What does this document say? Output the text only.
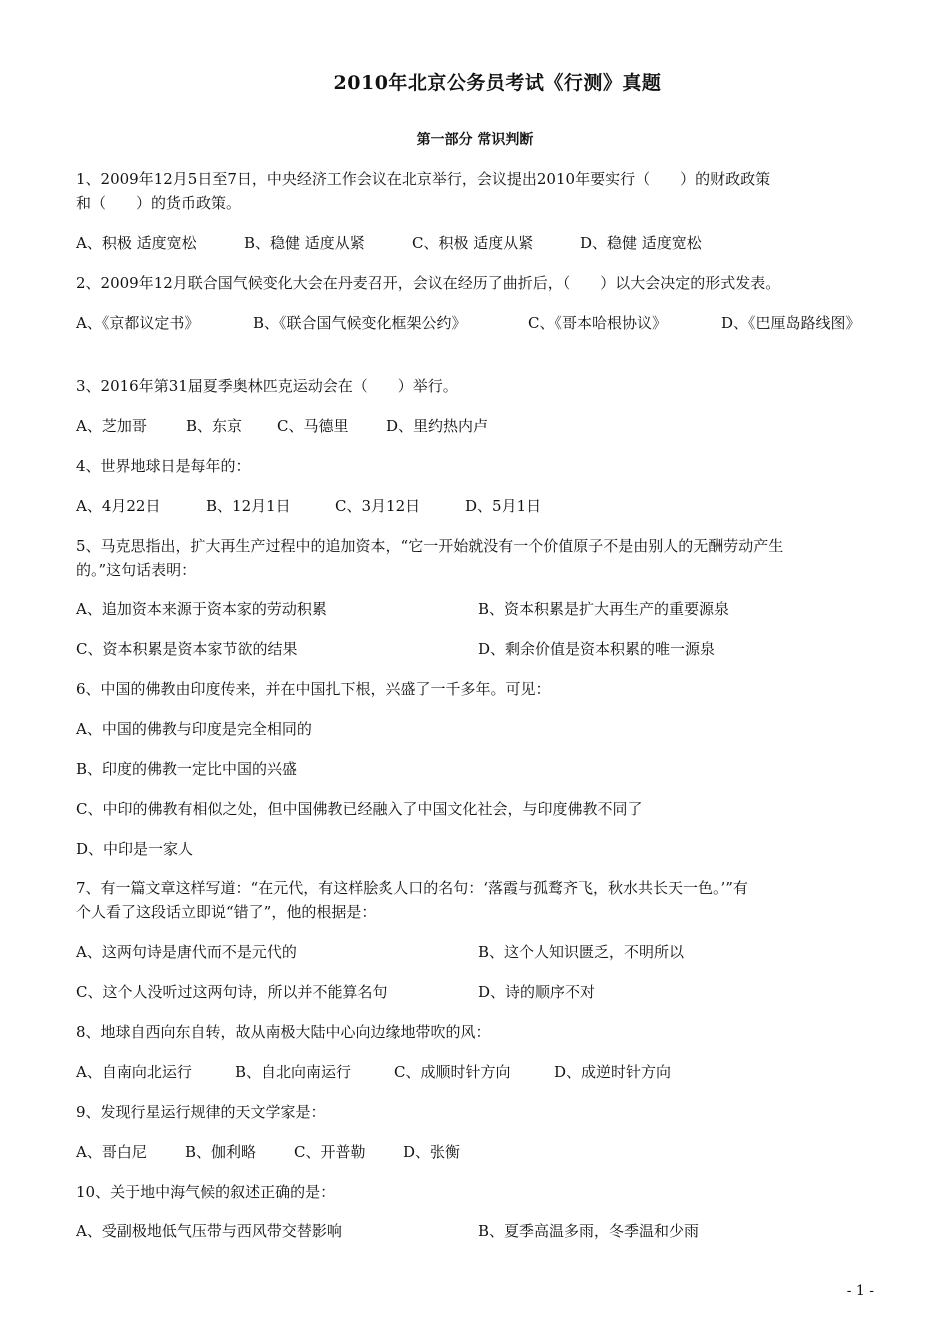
2010年北京公务员考试《行测》真题
第一部分 常识判断
1、2009年12月5日至7日，中央经济工作会议在北京举行，会议提出2010年要实行（　　）的财政政策
和（　　）的货币政策。
A、积极 适度宽松	B、稳健 适度从紧	C、积极 适度从紧	D、稳健 适度宽松
2、2009年12月联合国气候变化大会在丹麦召开，会议在经历了曲折后，（　　）以大会决定的形式发表。
A、《京都议定书》	B、《联合国气候变化框架公约》	C、《哥本哈根协议》	D、《巴厘岛路线图》
3、2016年第31届夏季奥林匹克运动会在（　　）举行。
A、芝加哥	B、东京 C、马德里	D、里约热内卢
4、世界地球日是每年的：
A、4月22日	B、12月1日	C、3月12日	D、5月1日
5、马克思指出，扩大再生产过程中的追加资本，“它一开始就没有一个价值原子不是由别人的无酬劳动产生
的。”这句话表明：
A、追加资本来源于资本家的劳动积累	B、资本积累是扩大再生产的重要源泉
C、资本积累是资本家节欲的结果	D、剩余价值是资本积累的唯一源泉
6、中国的佛教由印度传来，并在中国扎下根，兴盛了一千多年。可见：
A、中国的佛教与印度是完全相同的
B、印度的佛教一定比中国的兴盛
C、中印的佛教有相似之处，但中国佛教已经融入了中国文化社会，与印度佛教不同了
D、中印是一家人
7、有一篇文章这样写道：“在元代，有这样脍炙人口的名句：‘落霞与孤鹜齐飞，秋水共长天一色。’”有
个人看了这段话立即说“错了”，他的根据是：
A、这两句诗是唐代而不是元代的	B、这个人知识匮乏，不明所以
C、这个人没听过这两句诗，所以并不能算名句	D、诗的顺序不对
8、地球自西向东自转，故从南极大陆中心向边缘地带吹的风：
A、自南向北运行	B、自北向南运行	C、成顺时针方向	D、成逆时针方向
9、发现行星运行规律的天文学家是：
A、哥白尼	B、伽利略	C、开普勒	D、张衡
10、关于地中海气候的叙述正确的是：
A、受副极地低气压带与西风带交替影响	B、夏季高温多雨，冬季温和少雨
- 1 -
